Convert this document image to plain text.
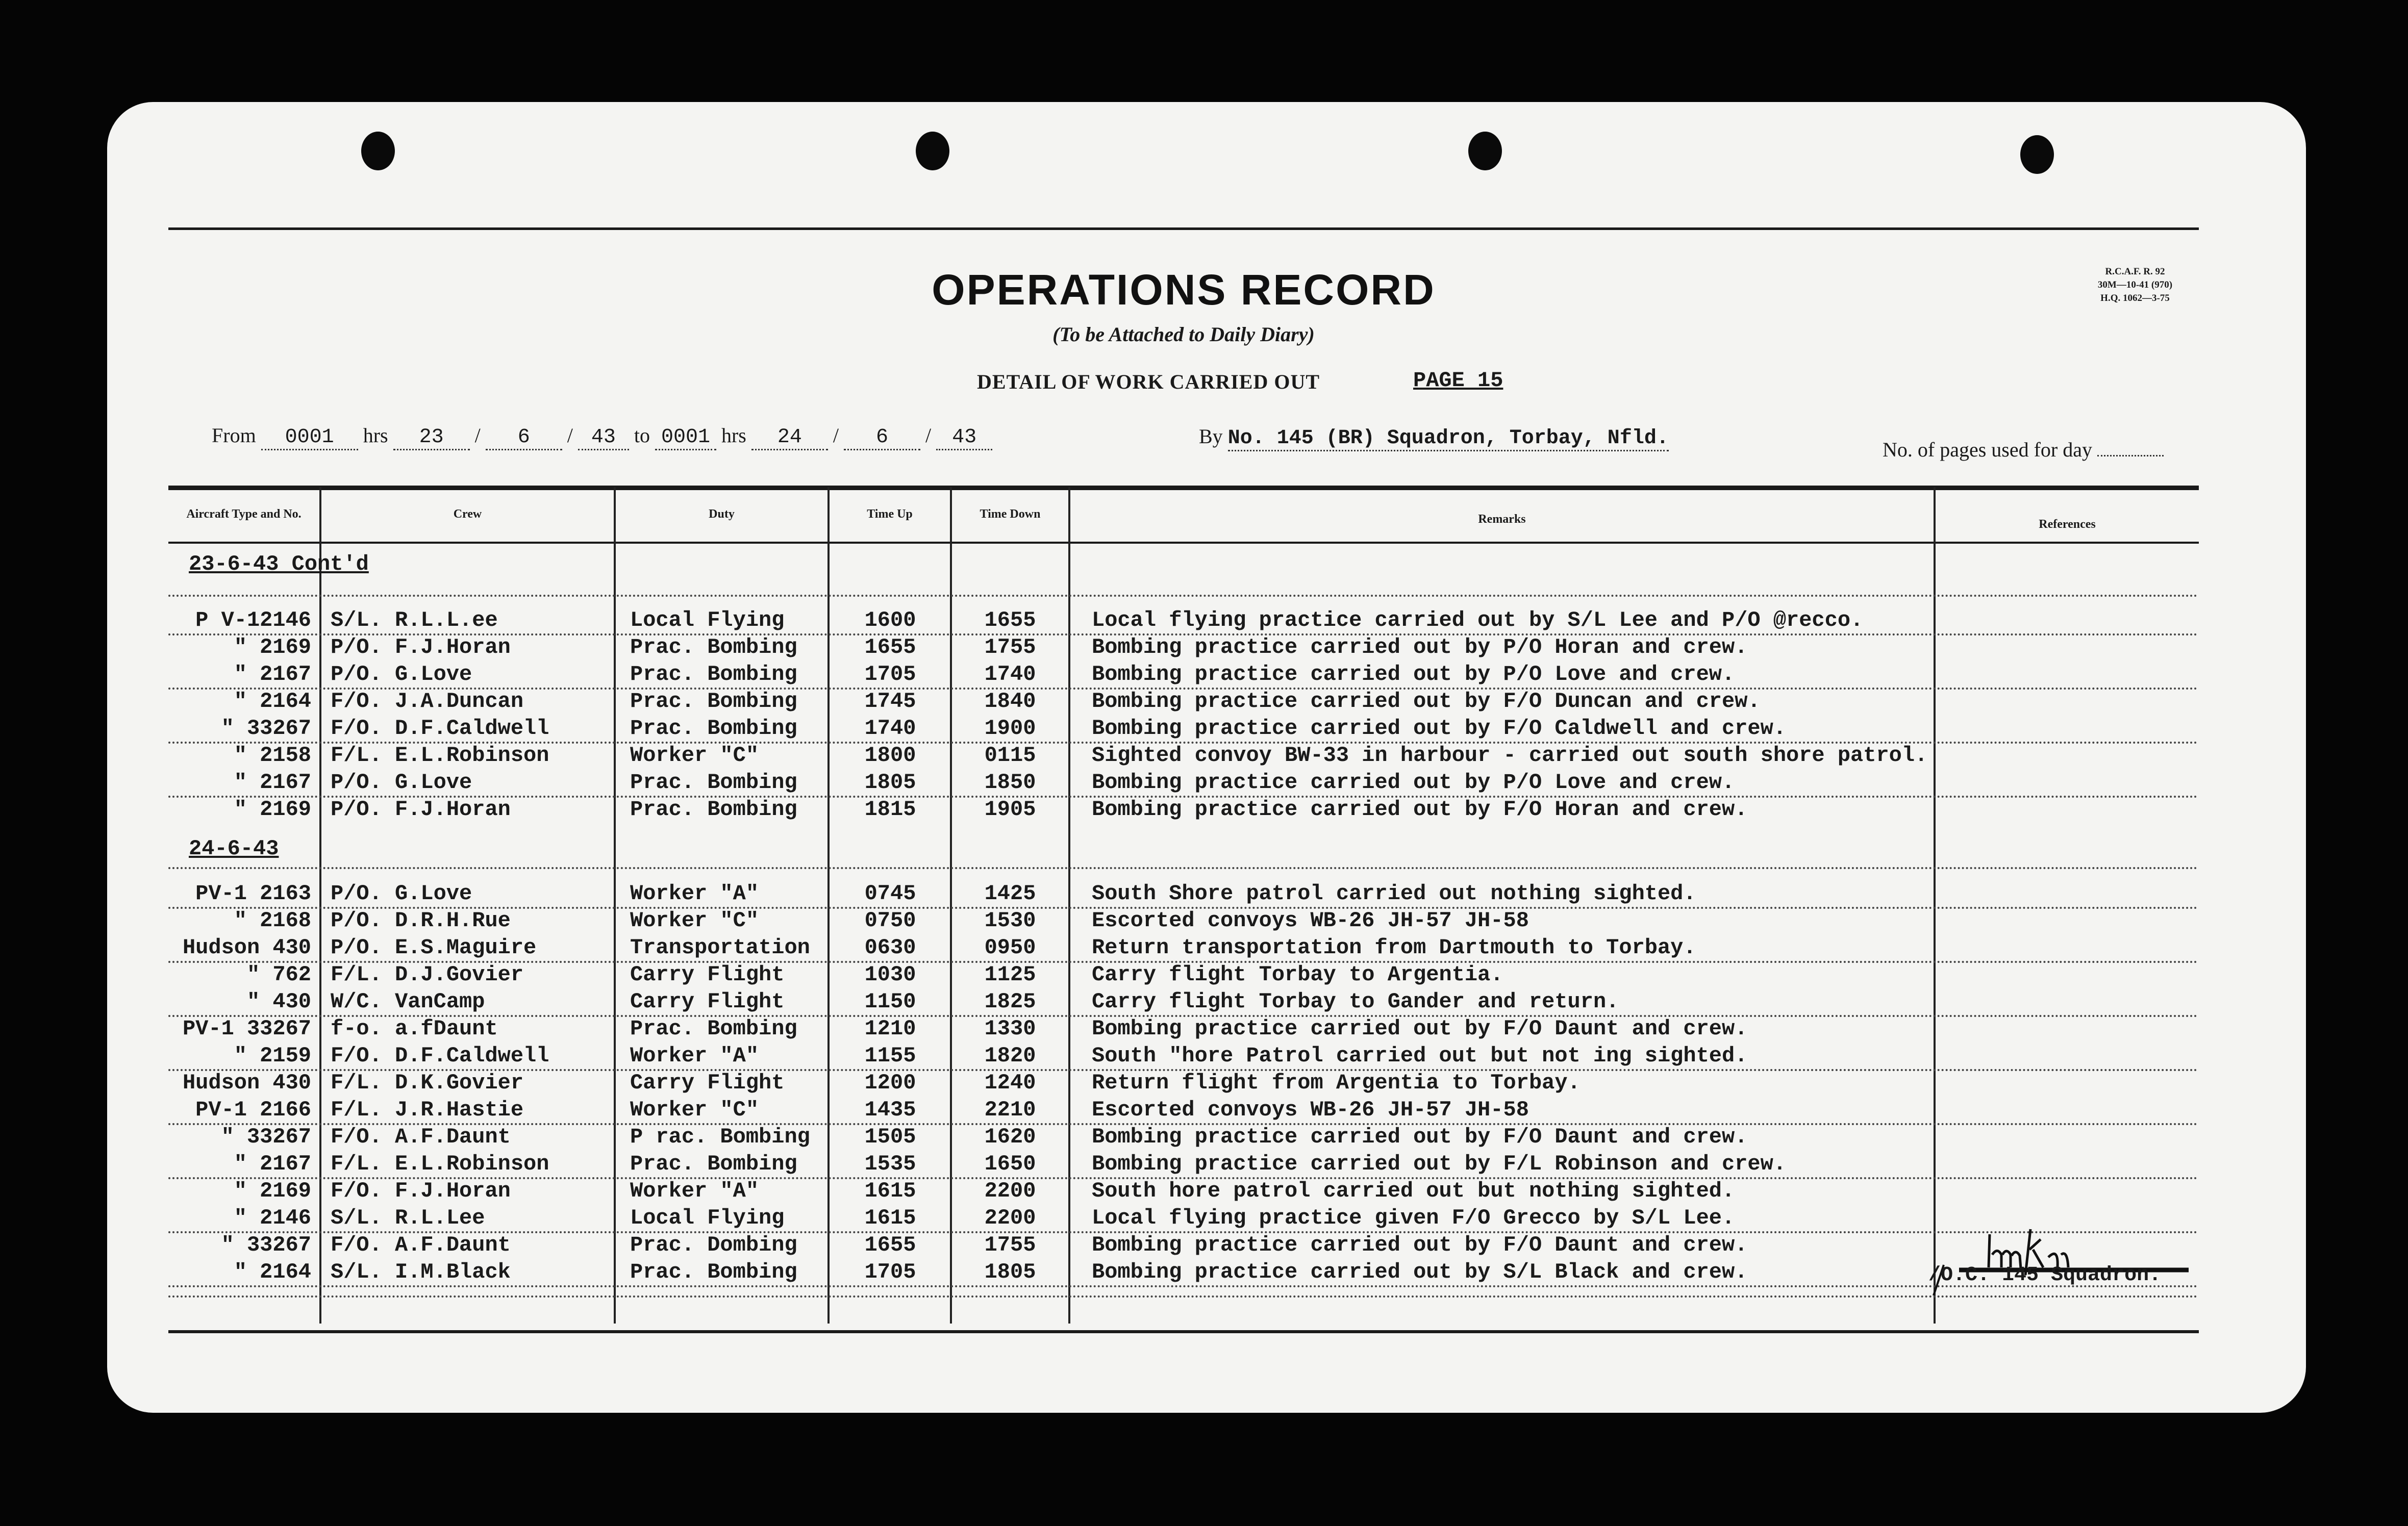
OPERATIONS RECORD
(To be Attached to Daily Diary)
DETAIL OF WORK CARRIED OUT	PAGE 15
R.C.A.F. R. 92
30M—10-41 (970)
H.Q. 1062—3-75
From 0001 hrs 23 / 6 / 43 to 0001 hrs 24 / 6 / 43	By No. 145 (BR) Squadron, Torbay, Nfld.	No. of pages used for day
Aircraft Type and No.	Crew	Duty	Time Up	Time Down	Remarks	References
23-6-43 Cont'd
24-6-43
P V-12146 S/L. R.L.L.ee	Local Flying	1600	1655	Local flying practice carried out by S/L Lee and P/O @recco.
" 2169 P/O. F.J.Horan	Prac. Bombing	1655	1755	Bombing practice carried out by P/O Horan and crew.
" 2167 P/O. G.Love	Prac. Bombing	1705	1740	Bombing practice carried out by P/O Love and crew.
" 2164 F/O. J.A.Duncan	Prac. Bombing	1745	1840	Bombing practice carried out by F/O Duncan and crew.
" 33267 F/O. D.F.Caldwell	Prac. Bombing	1740	1900	Bombing practice carried out by F/O Caldwell and crew.
" 2158 F/L. E.L.Robinson	Worker "C"	1800	0115	Sighted convoy BW-33 in harbour - carried out south shore patrol.
" 2167 P/O. G.Love	Prac. Bombing	1805	1850	Bombing practice carried out by P/O Love and crew.
" 2169 P/O. F.J.Horan	Prac. Bombing	1815	1905	Bombing practice carried out by F/O Horan and crew.
PV-1 2163 P/O. G.Love	Worker "A"	0745	1425	South Shore patrol carried out nothing sighted.
" 2168 P/O. D.R.H.Rue	Worker "C"	0750	1530	Escorted convoys WB-26 JH-57 JH-58
Hudson 430 P/O. E.S.Maguire	Transportation	0630	0950	Return transportation from Dartmouth to Torbay.
" 762 F/L. D.J.Govier	Carry Flight	1030	1125	Carry flight Torbay to Argentia.
" 430 W/C. VanCamp	Carry Flight	1150	1825	Carry flight Torbay to Gander and return.
PV-1 33267 f-o. a.fDaunt	Prac. Bombing	1210	1330	Bombing practice carried out by F/O Daunt and crew.
" 2159 F/O. D.F.Caldwell	Worker "A"	1155	1820	South "hore Patrol carried out but not ing sighted.
Hudson 430 F/L. D.K.Govier	Carry Flight	1200	1240	Return flight from Argentia to Torbay.
PV-1 2166 F/L. J.R.Hastie	Worker "C"	1435	2210	Escorted convoys WB-26 JH-57 JH-58
" 33267 F/O. A.F.Daunt	P rac. Bombing	1505	1620	Bombing practice carried out by F/O Daunt and crew.
" 2167 F/L. E.L.Robinson	Prac. Bombing	1535	1650	Bombing practice carried out by F/L Robinson and crew.
" 2169 F/O. F.J.Horan	Worker "A"	1615	2200	South hore patrol carried out but nothing sighted.
" 2146 S/L. R.L.Lee	Local Flying	1615	2200	Local flying practice given F/O Grecco by S/L Lee.
" 33267 F/O. A.F.Daunt	Prac. Dombing	1655	1755	Bombing practice carried out by F/O Daunt and crew.
" 2164 S/L. I.M.Black	Prac. Bombing	1705	1805	Bombing practice carried out by S/L Black and crew.	/O.C. 145 Squadron.
